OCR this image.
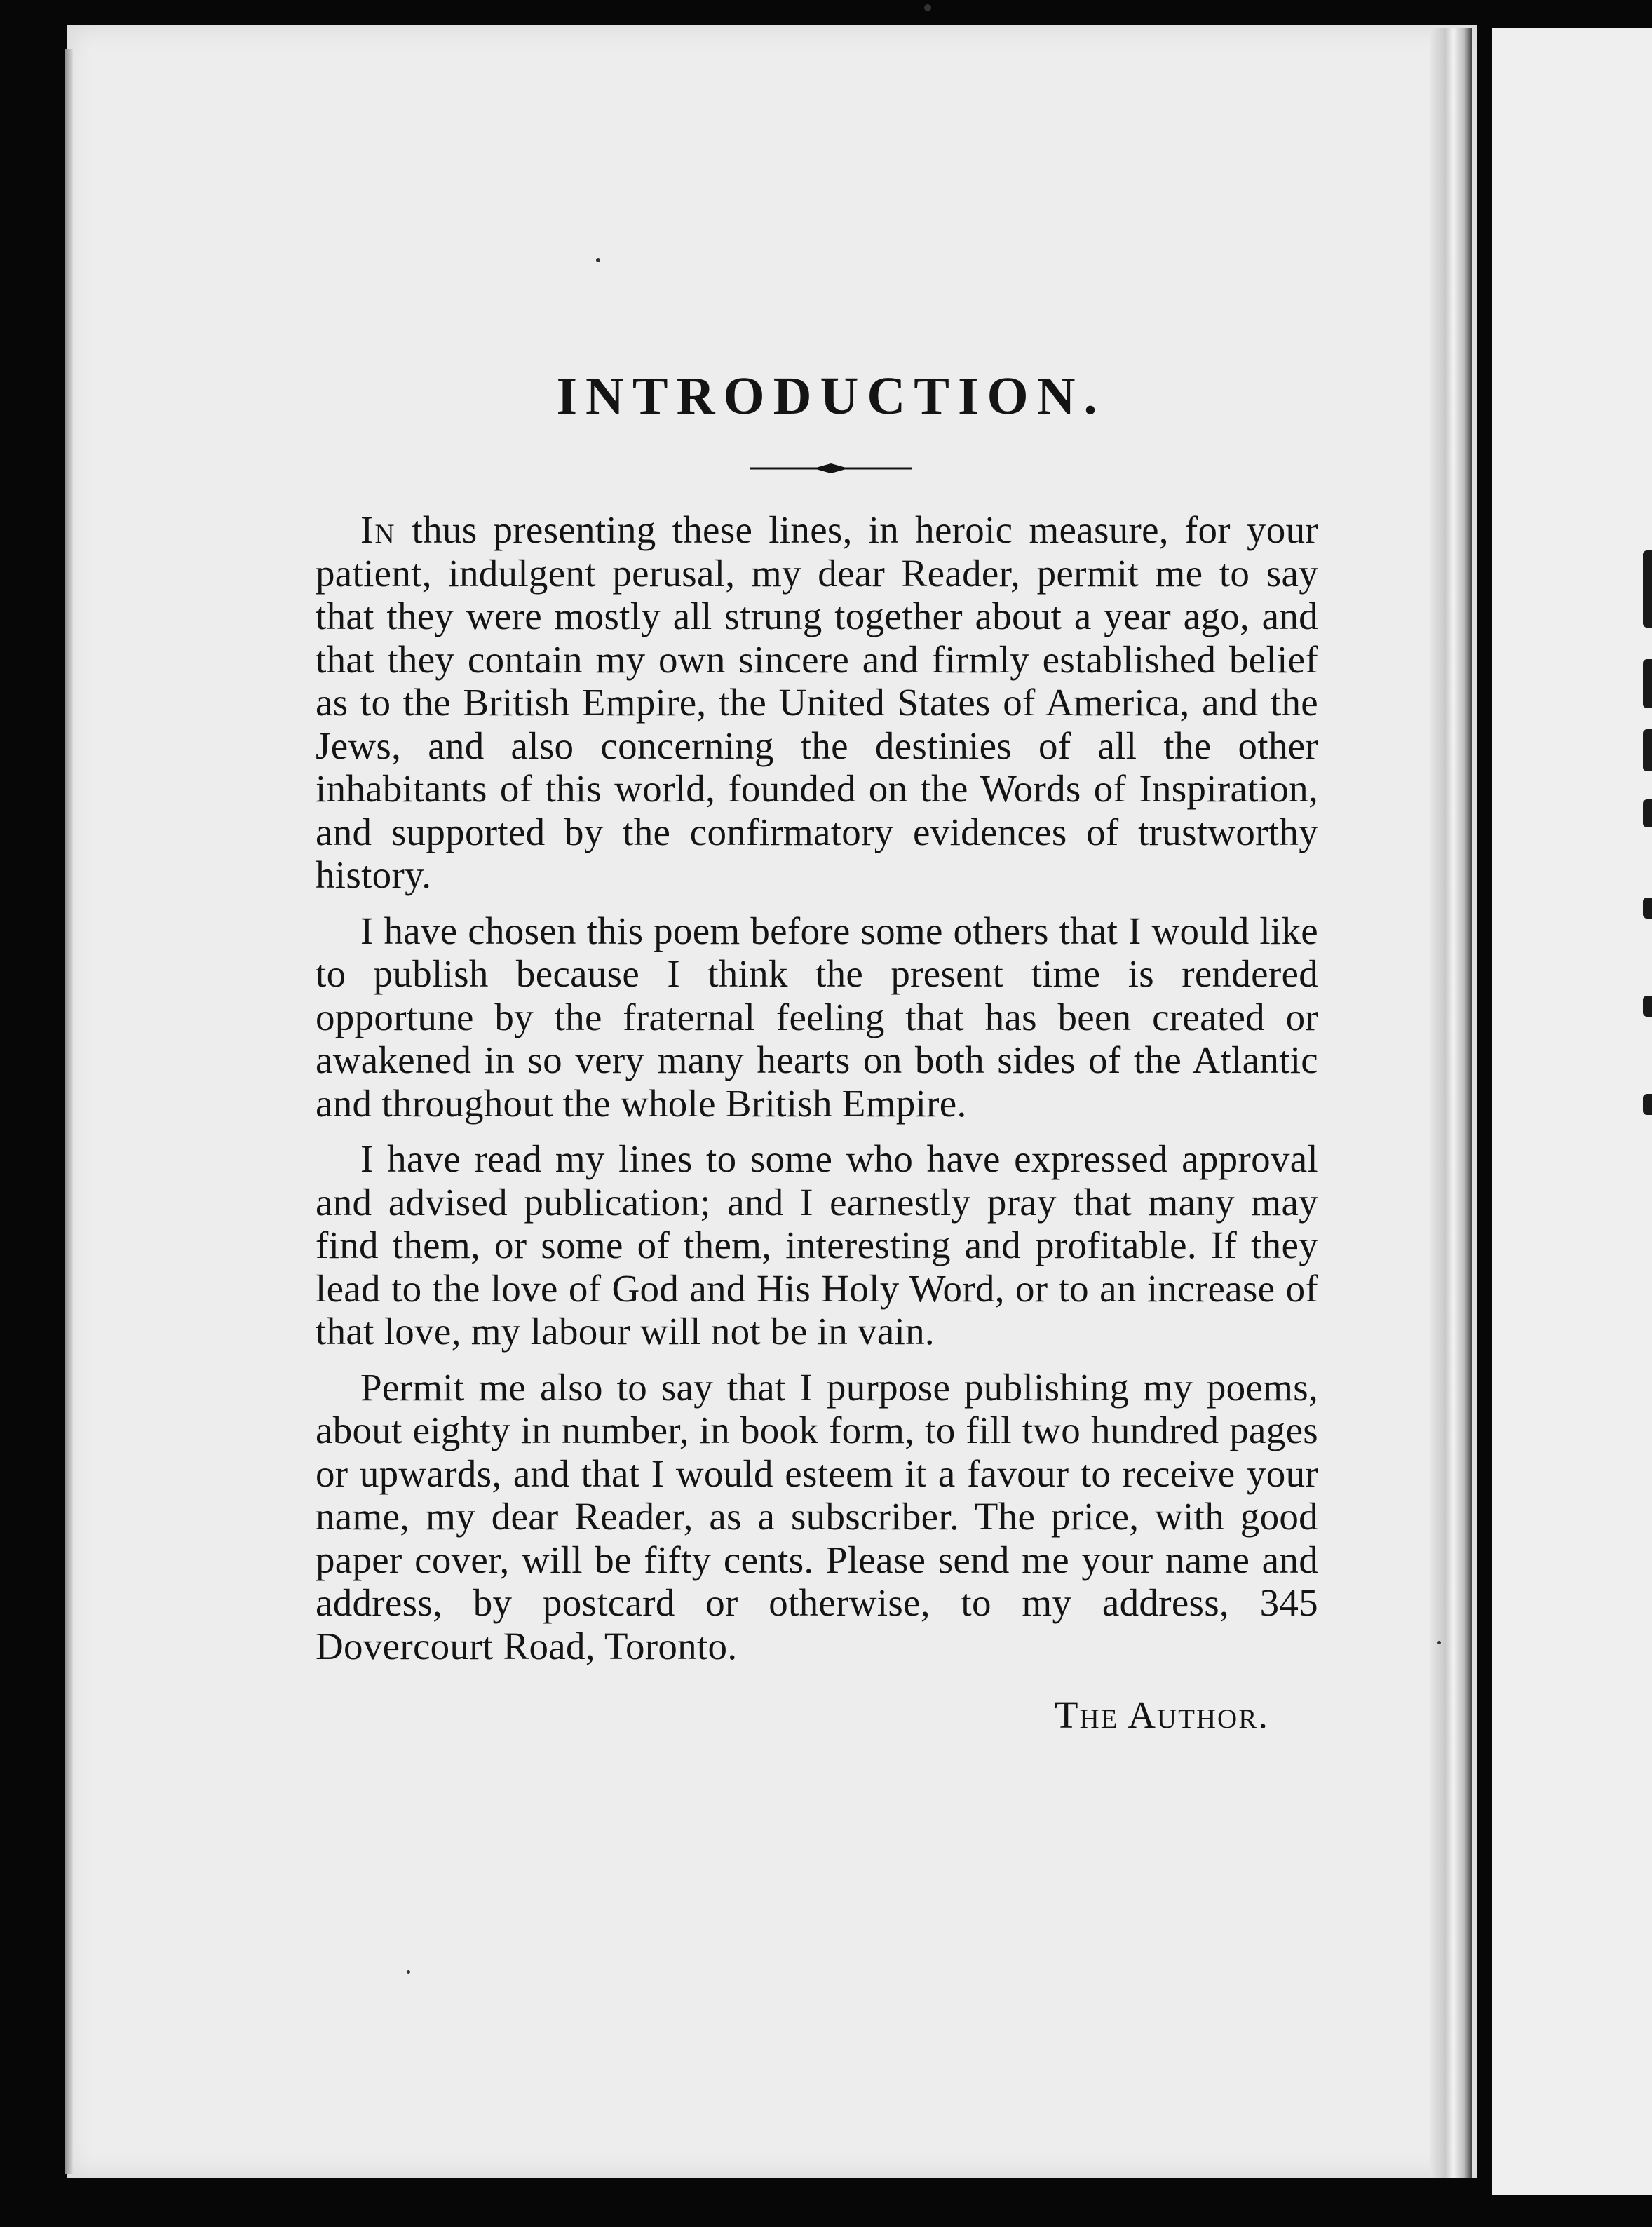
INTRODUCTION.

In thus presenting these lines, in heroic measure, for your patient, indulgent perusal, my dear Reader, permit me to say that they were mostly all strung together about a year ago, and that they contain my own sincere and firmly established belief as to the British Empire, the United States of America, and the Jews, and also concerning the destinies of all the other inhabitants of this world, founded on the Words of Inspiration, and supported by the confirmatory evidences of trustworthy history.

I have chosen this poem before some others that I would like to publish because I think the present time is rendered opportune by the fraternal feeling that has been created or awakened in so very many hearts on both sides of the Atlantic and throughout the whole British Empire.

I have read my lines to some who have expressed approval and advised publication; and I earnestly pray that many may find them, or some of them, interesting and profitable. If they lead to the love of God and His Holy Word, or to an increase of that love, my labour will not be in vain.

Permit me also to say that I purpose publishing my poems, about eighty in number, in book form, to fill two hundred pages or upwards, and that I would esteem it a favour to receive your name, my dear Reader, as a subscriber. The price, with good paper cover, will be fifty cents. Please send me your name and address, by postcard or otherwise, to my address, 345 Dovercourt Road, Toronto.

The Author.
